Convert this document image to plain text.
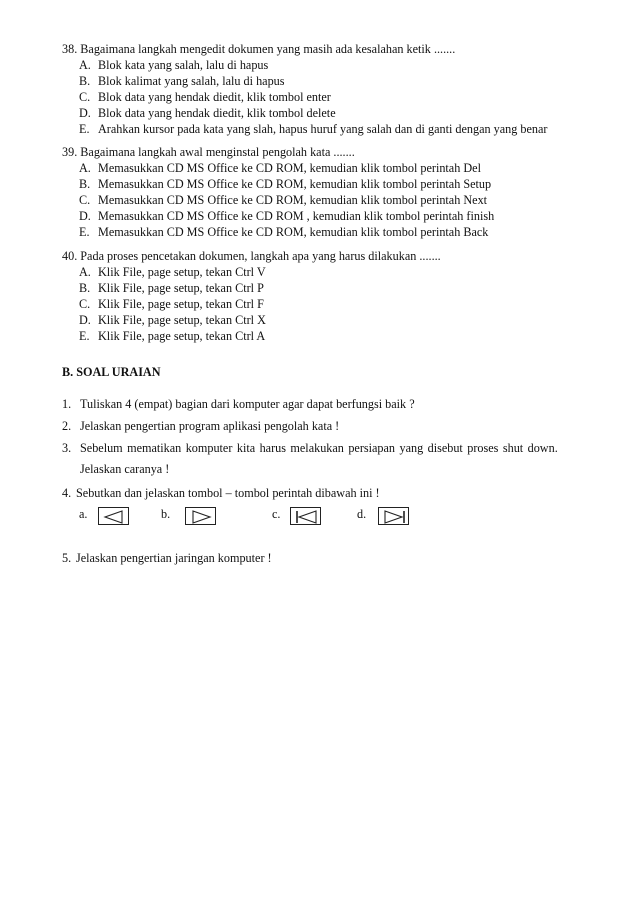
38. Bagaimana langkah mengedit dokumen yang masih ada kesalahan ketik .......
A. Blok kata yang salah, lalu di hapus
B. Blok kalimat yang salah, lalu di hapus
C. Blok data yang hendak diedit, klik tombol enter
D. Blok data yang hendak diedit, klik tombol delete
E. Arahkan kursor pada kata yang slah, hapus huruf yang salah dan di ganti dengan yang benar
39. Bagaimana langkah awal menginstal pengolah kata .......
A. Memasukkan CD MS Office ke CD ROM, kemudian klik tombol perintah Del
B. Memasukkan CD MS Office ke CD ROM, kemudian klik tombol perintah Setup
C. Memasukkan CD MS Office ke CD ROM, kemudian klik tombol perintah Next
D. Memasukkan CD MS Office ke CD ROM , kemudian klik tombol perintah finish
E. Memasukkan CD MS Office ke CD ROM, kemudian klik tombol perintah Back
40. Pada proses pencetakan dokumen, langkah apa yang harus dilakukan .......
A. Klik File, page setup, tekan Ctrl V
B. Klik File, page setup, tekan Ctrl P
C. Klik File, page setup, tekan Ctrl F
D. Klik File, page setup, tekan Ctrl X
E. Klik File, page setup, tekan Ctrl A
B. SOAL URAIAN
1. Tuliskan 4 (empat) bagian dari komputer agar dapat berfungsi baik ?
2. Jelaskan pengertian program aplikasi pengolah kata !
3. Sebelum mematikan komputer kita harus melakukan persiapan yang disebut proses shut down.
Jelaskan caranya !
4. Sebutkan dan jelaskan tombol – tombol perintah dibawah ini !
a.	b.	c.	d.
5. Jelaskan pengertian jaringan komputer !
